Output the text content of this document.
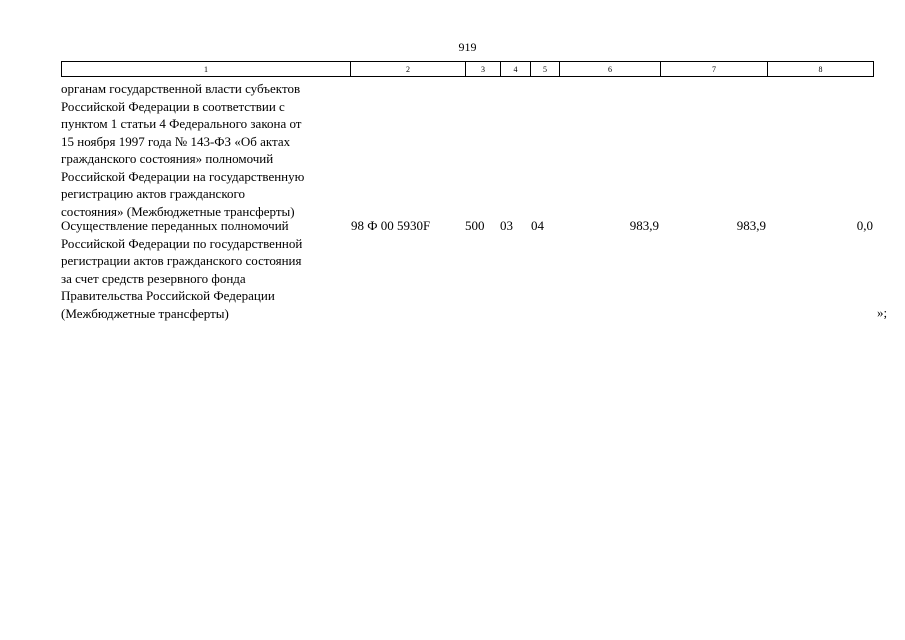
919
1	2	3	4	5	6	7	8
органам государственной власти субъектов
Российской Федерации в соответствии с
пунктом 1 статьи 4 Федерального закона от
15 ноября 1997 года № 143-ФЗ «Об актах
гражданского состояния» полномочий
Российской Федерации на государственную
регистрацию актов гражданского
состояния» (Межбюджетные трансферты)
Осуществление переданных полномочий
Российской Федерации по государственной
регистрации актов гражданского состояния
за счет средств резервного фонда
Правительства Российской Федерации
(Межбюджетные трансферты)
98 Ф 00 5930F	500 03 04	983,9	983,9	0,0
»;
